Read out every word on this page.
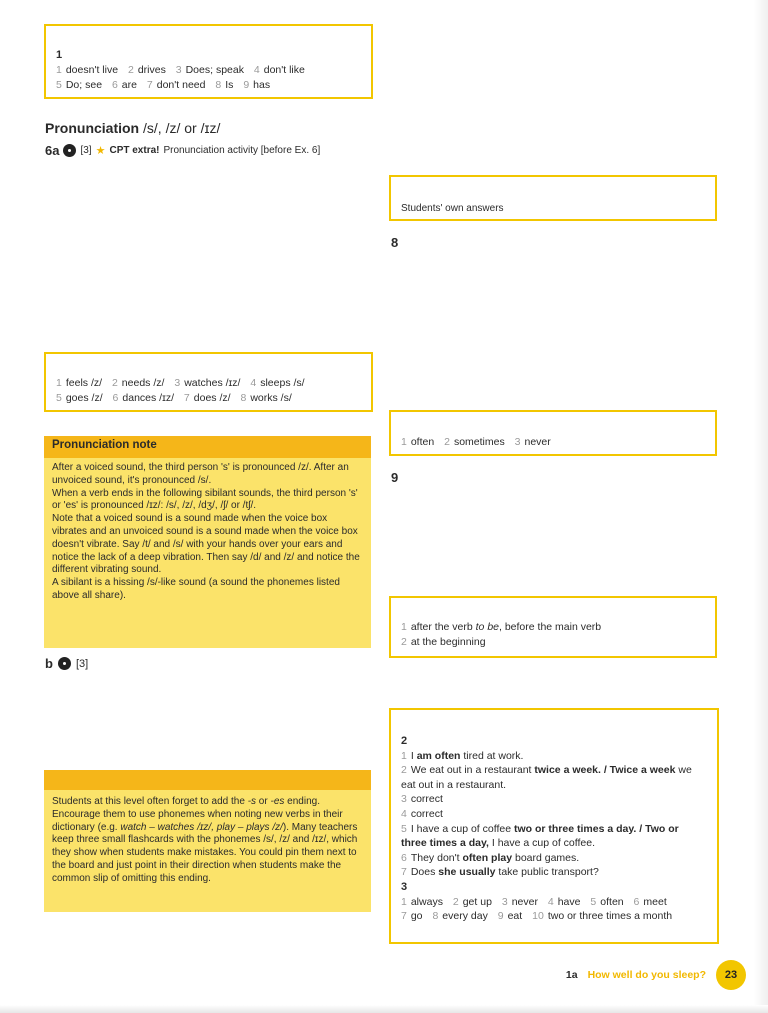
1
1 doesn't live 2 drives 3 Does; speak 4 don't like
5 Do; see 6 are 7 don't need 8 Is 9 has
Pronunciation /s/, /z/ or /ɪz/
6a [3] ★ CPT extra! Pronunciation activity [before Ex. 6]
Students' own answers
8
1 feels /z/ 2 needs /z/ 3 watches /ɪz/ 4 sleeps /s/
5 goes /z/ 6 dances /ɪz/ 7 does /z/ 8 works /s/
1 often 2 sometimes 3 never
9
Pronunciation note

After a voiced sound, the third person 's' is pronounced /z/. After an unvoiced sound, it's pronounced /s/.

When a verb ends in the following sibilant sounds, the third person 's' or 'es' is pronounced /ɪz/: /s/, /z/, /dʒ/, /ʃ/ or /tʃ/.

Note that a voiced sound is a sound made when the voice box vibrates and an unvoiced sound is a sound made when the voice box doesn't vibrate. Say /t/ and /s/ with your hands over your ears and notice the lack of a deep vibration. Then say /d/ and /z/ and notice the different vibrating sound.

A sibilant is a hissing /s/-like sound (a sound the phonemes listed above all share).

1 after the verb to be, before the main verb
2 at the beginning
b [3]
Students at this level often forget to add the -s or -es ending. Encourage them to use phonemes when noting new verbs in their dictionary (e.g. watch – watches /ɪz/, play – plays /z/). Many teachers keep three small flashcards with the phonemes /s/, /z/ and /ɪz/, which they show when students make mistakes. You could pin them next to the board and just point in their direction when students make the common slip of omitting this ending.
2
1 I am often tired at work.
2 We eat out in a restaurant twice a week. / Twice a week we eat out in a restaurant.
3 correct
4 correct
5 I have a cup of coffee two or three times a day. / Two or three times a day, I have a cup of coffee.
6 They don't often play board games.
7 Does she usually take public transport?
3
1 always 2 get up 3 never 4 have 5 often 6 meet
7 go 8 every day 9 eat 10 two or three times a month
1a How well do you sleep?	23
